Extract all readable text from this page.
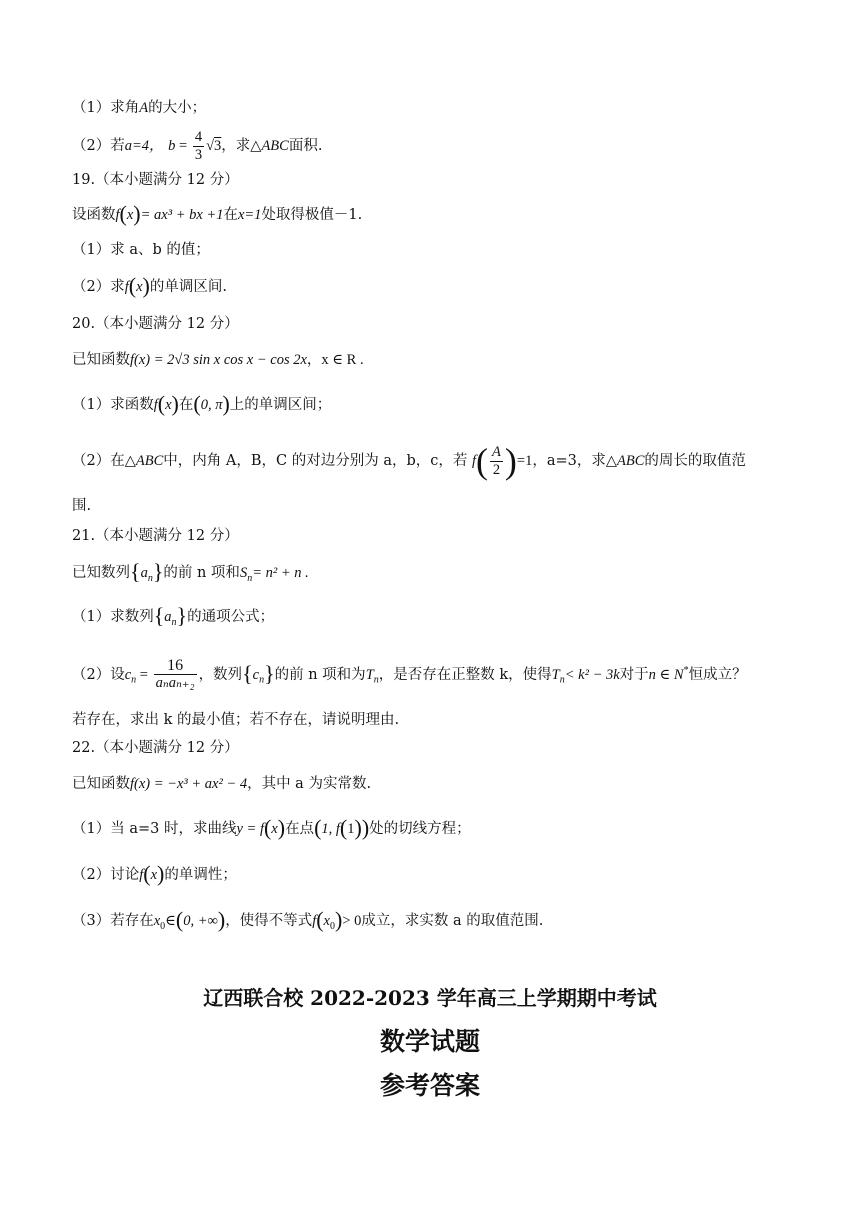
（1）求角A的大小；
（2）若a=4， $b = \frac{4}{3} √3$，求△ABC面积.
19.（本小题满分 12 分）
设函数f(x)= ax³ + bx +1在x=1处取得极值－1.
（1）求 a、b 的值；
（2）求f(x)的单调区间.
20.（本小题满分 12 分）
已知函数f(x) = 2√3 sin x cos x − cos 2x，x ∈ R .
（1）求函数f(x)在(0, π)上的单调区间；
（2）在△ABC中，内角 A，B，C 的对边分别为 a，b，c，若 $f( \frac{A}{2} )=1$，a=3，求△ABC的周长的取值范
围.
21.（本小题满分 12 分）
已知数列$\{a_n\}$的前 n 项和$S_n= n^2 + n$ .
（1）求数列$\{a_n\}$的通项公式；
（2）设$c_n = \frac{16}{\text{aₙaₙ₊₂}}$ ，数列$\{c_n\}$的前 n 项和为$T_n$，是否存在正整数 k，使得$T_n< k^2 - 3k$对于n ∈ N*恒成立？
若存在，求出 k 的最小值；若不存在，请说明理由.
22.（本小题满分 12 分）
已知函数f(x) = −x³ + ax² − 4，其中 a 为实常数.
（1）当 a=3 时，求曲线y = f(x)在点(1, f(1))处的切线方程；
（2）讨论f(x)的单调性；
（3）若存在$x_0\in(0$, +∞)，使得不等式$f(x_0)> 0$成立，求实数 a 的取值范围.
辽西联合校 2022-2023 学年高三上学期期中考试
数学试题
参考答案
